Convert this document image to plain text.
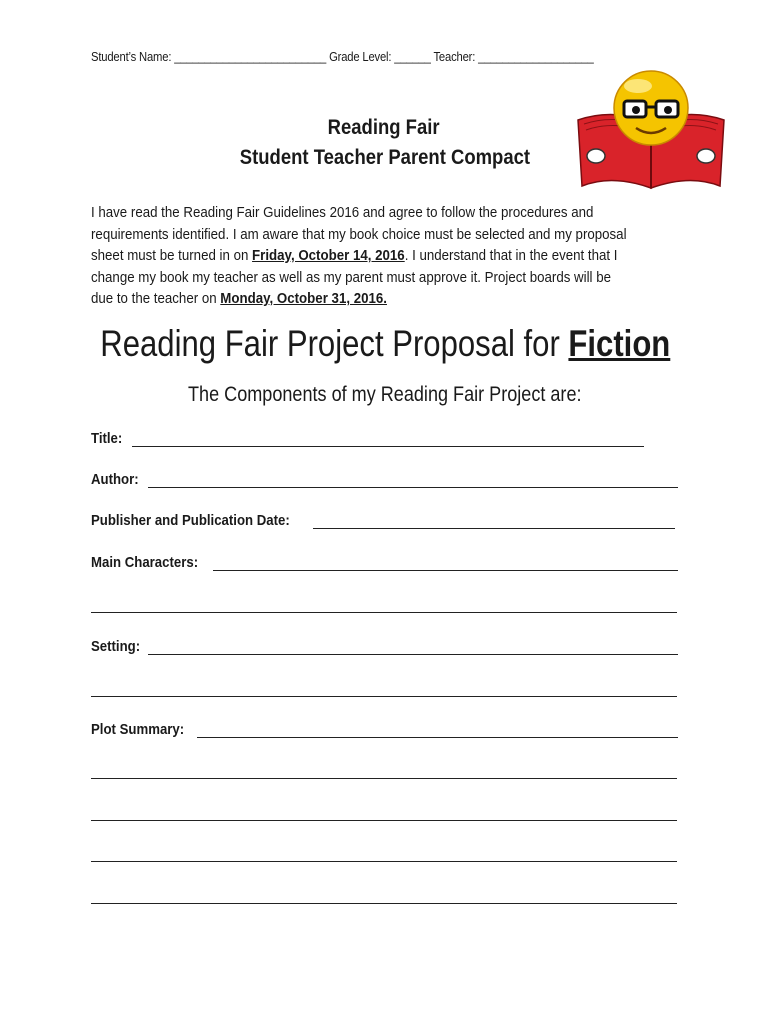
Student’s Name: _________________________ Grade Level: ______ Teacher: ___________________
Reading Fair
Student Teacher Parent Compact
I have read the Reading Fair Guidelines 2016 and agree to follow the procedures and
requirements identified. I am aware that my book choice must be selected and my proposal
sheet must be turned in on Friday, October 14, 2016. I understand that in the event that I
change my book my teacher as well as my parent must approve it. Project boards will be
due to the teacher on Monday, October 31, 2016.
Reading Fair Project Proposal for Fiction
The Components of my Reading Fair Project are:
Title:
Author:
Publisher and Publication Date:
Main Characters:
Setting:
Plot Summary:
